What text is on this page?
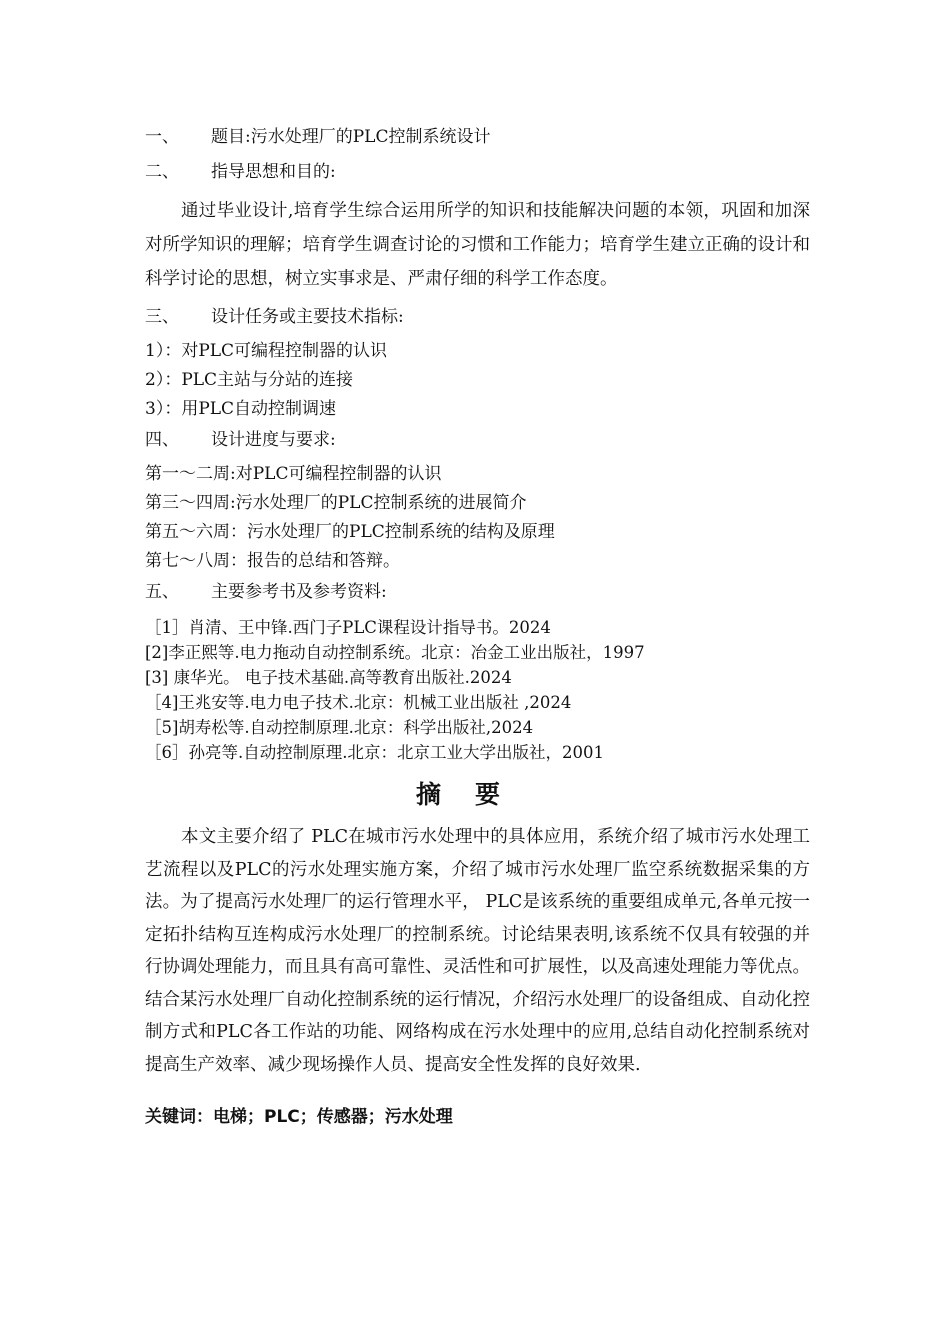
一、 题目:污水处理厂的PLC控制系统设计
二、 指导思想和目的:
通过毕业设计,培育学生综合运用所学的知识和技能解决问题的本领，巩固和加深对所学知识的理解；培育学生调查讨论的习惯和工作能力；培育学生建立正确的设计和科学讨论的思想，树立实事求是、严肃仔细的科学工作态度。
三、 设计任务或主要技术指标:
1）：对PLC可编程控制器的认识
2）：PLC主站与分站的连接
3）：用PLC自动控制调速
四、 设计进度与要求:
第一～二周:对PLC可编程控制器的认识
第三～四周:污水处理厂的PLC控制系统的进展简介
第五～六周：污水处理厂的PLC控制系统的结构及原理
第七～八周：报告的总结和答辩。
五、 主要参考书及参考资料:
［1］肖清、王中锋.西门子PLC课程设计指导书。2024
[2]李正熙等.电力拖动自动控制系统。北京：冶金工业出版社，1997
[3] 康华光。 电子技术基础.高等教育出版社.2024
［4]王兆安等.电力电子技术.北京：机械工业出版社 ,2024
［5]胡寿松等.自动控制原理.北京：科学出版社,2024
［6］孙亮等.自动控制原理.北京：北京工业大学出版社，2001
摘要
本文主要介绍了 PLC在城市污水处理中的具体应用，系统介绍了城市污水处理工艺流程以及PLC的污水处理实施方案，介绍了城市污水处理厂监空系统数据采集的方法。为了提高污水处理厂的运行管理水平， PLC是该系统的重要组成单元,各单元按一定拓扑结构互连构成污水处理厂的控制系统。讨论结果表明,该系统不仅具有较强的并行协调处理能力，而且具有高可靠性、灵活性和可扩展性，以及高速处理能力等优点。结合某污水处理厂自动化控制系统的运行情况，介绍污水处理厂的设备组成、自动化控制方式和PLC各工作站的功能、网络构成在污水处理中的应用,总结自动化控制系统对提高生产效率、减少现场操作人员、提高安全性发挥的良好效果.
关键词：电梯；PLC；传感器；污水处理
